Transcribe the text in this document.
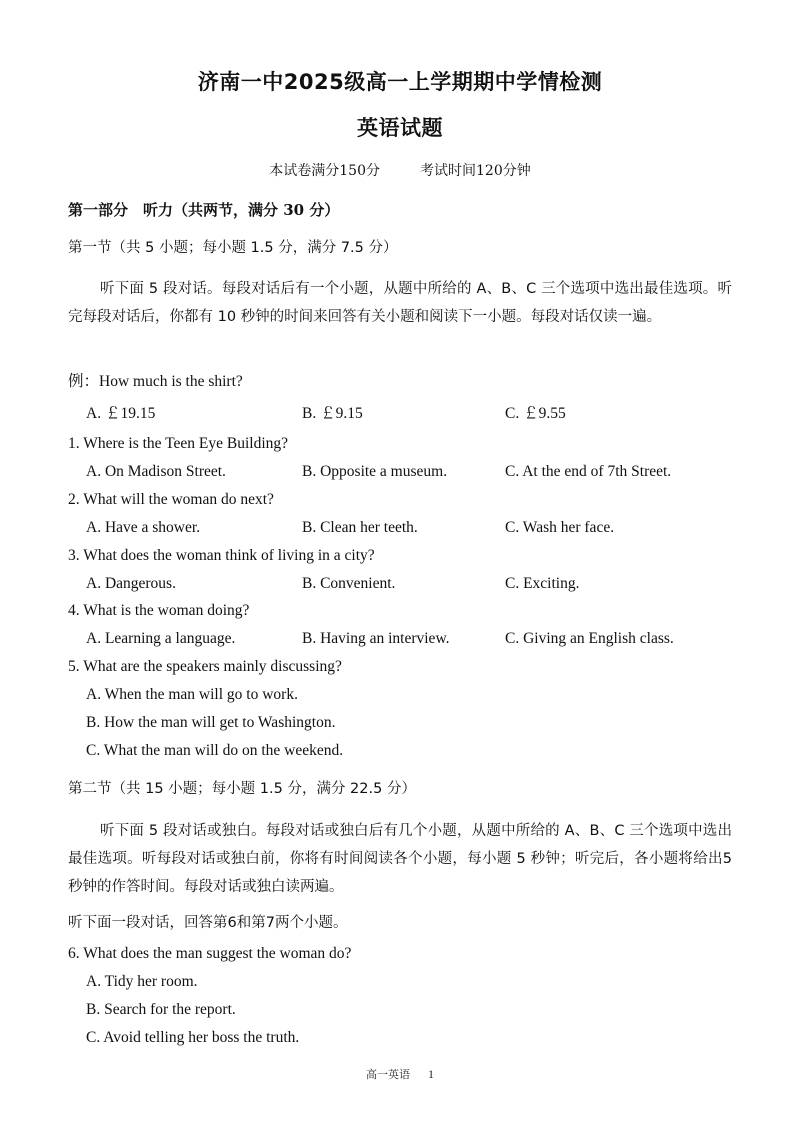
济南一中2025级高一上学期期中学情检测
英语试题
本试卷满分150分	考试时间120分钟
第一部分　听力（共两节，满分 30 分）
第一节（共 5 小题；每小题 1.5 分，满分 7.5 分）
听下面 5 段对话。每段对话后有一个小题，从题中所给的 A、B、C 三个选项中选出最佳选项。听完每段对话后，你都有 10 秒钟的时间来回答有关小题和阅读下一小题。每段对话仅读一遍。
例：How much is the shirt?
A. ￡19.15	B. ￡9.15	C. ￡9.55
1. Where is the Teen Eye Building?
A. On Madison Street.	B. Opposite a museum.	C. At the end of 7th Street.
2. What will the woman do next?
A. Have a shower.	B. Clean her teeth.	C. Wash her face.
3. What does the woman think of living in a city?
A. Dangerous.	B. Convenient.	C. Exciting.
4. What is the woman doing?
A. Learning a language.	B. Having an interview.	C. Giving an English class.
5. What are the speakers mainly discussing?
A. When the man will go to work.
B. How the man will get to Washington.
C. What the man will do on the weekend.
第二节（共 15 小题；每小题 1.5 分，满分 22.5 分）
听下面 5 段对话或独白。每段对话或独白后有几个小题，从题中所给的 A、B、C 三个选项中选出最佳选项。听每段对话或独白前，你将有时间阅读各个小题，每小题 5 秒钟；听完后，各小题将给出5 秒钟的作答时间。每段对话或独白读两遍。
听下面一段对话，回答第6和第7两个小题。
6. What does the man suggest the woman do?
A. Tidy her room.
B. Search for the report.
C. Avoid telling her boss the truth.
高一英语 1
